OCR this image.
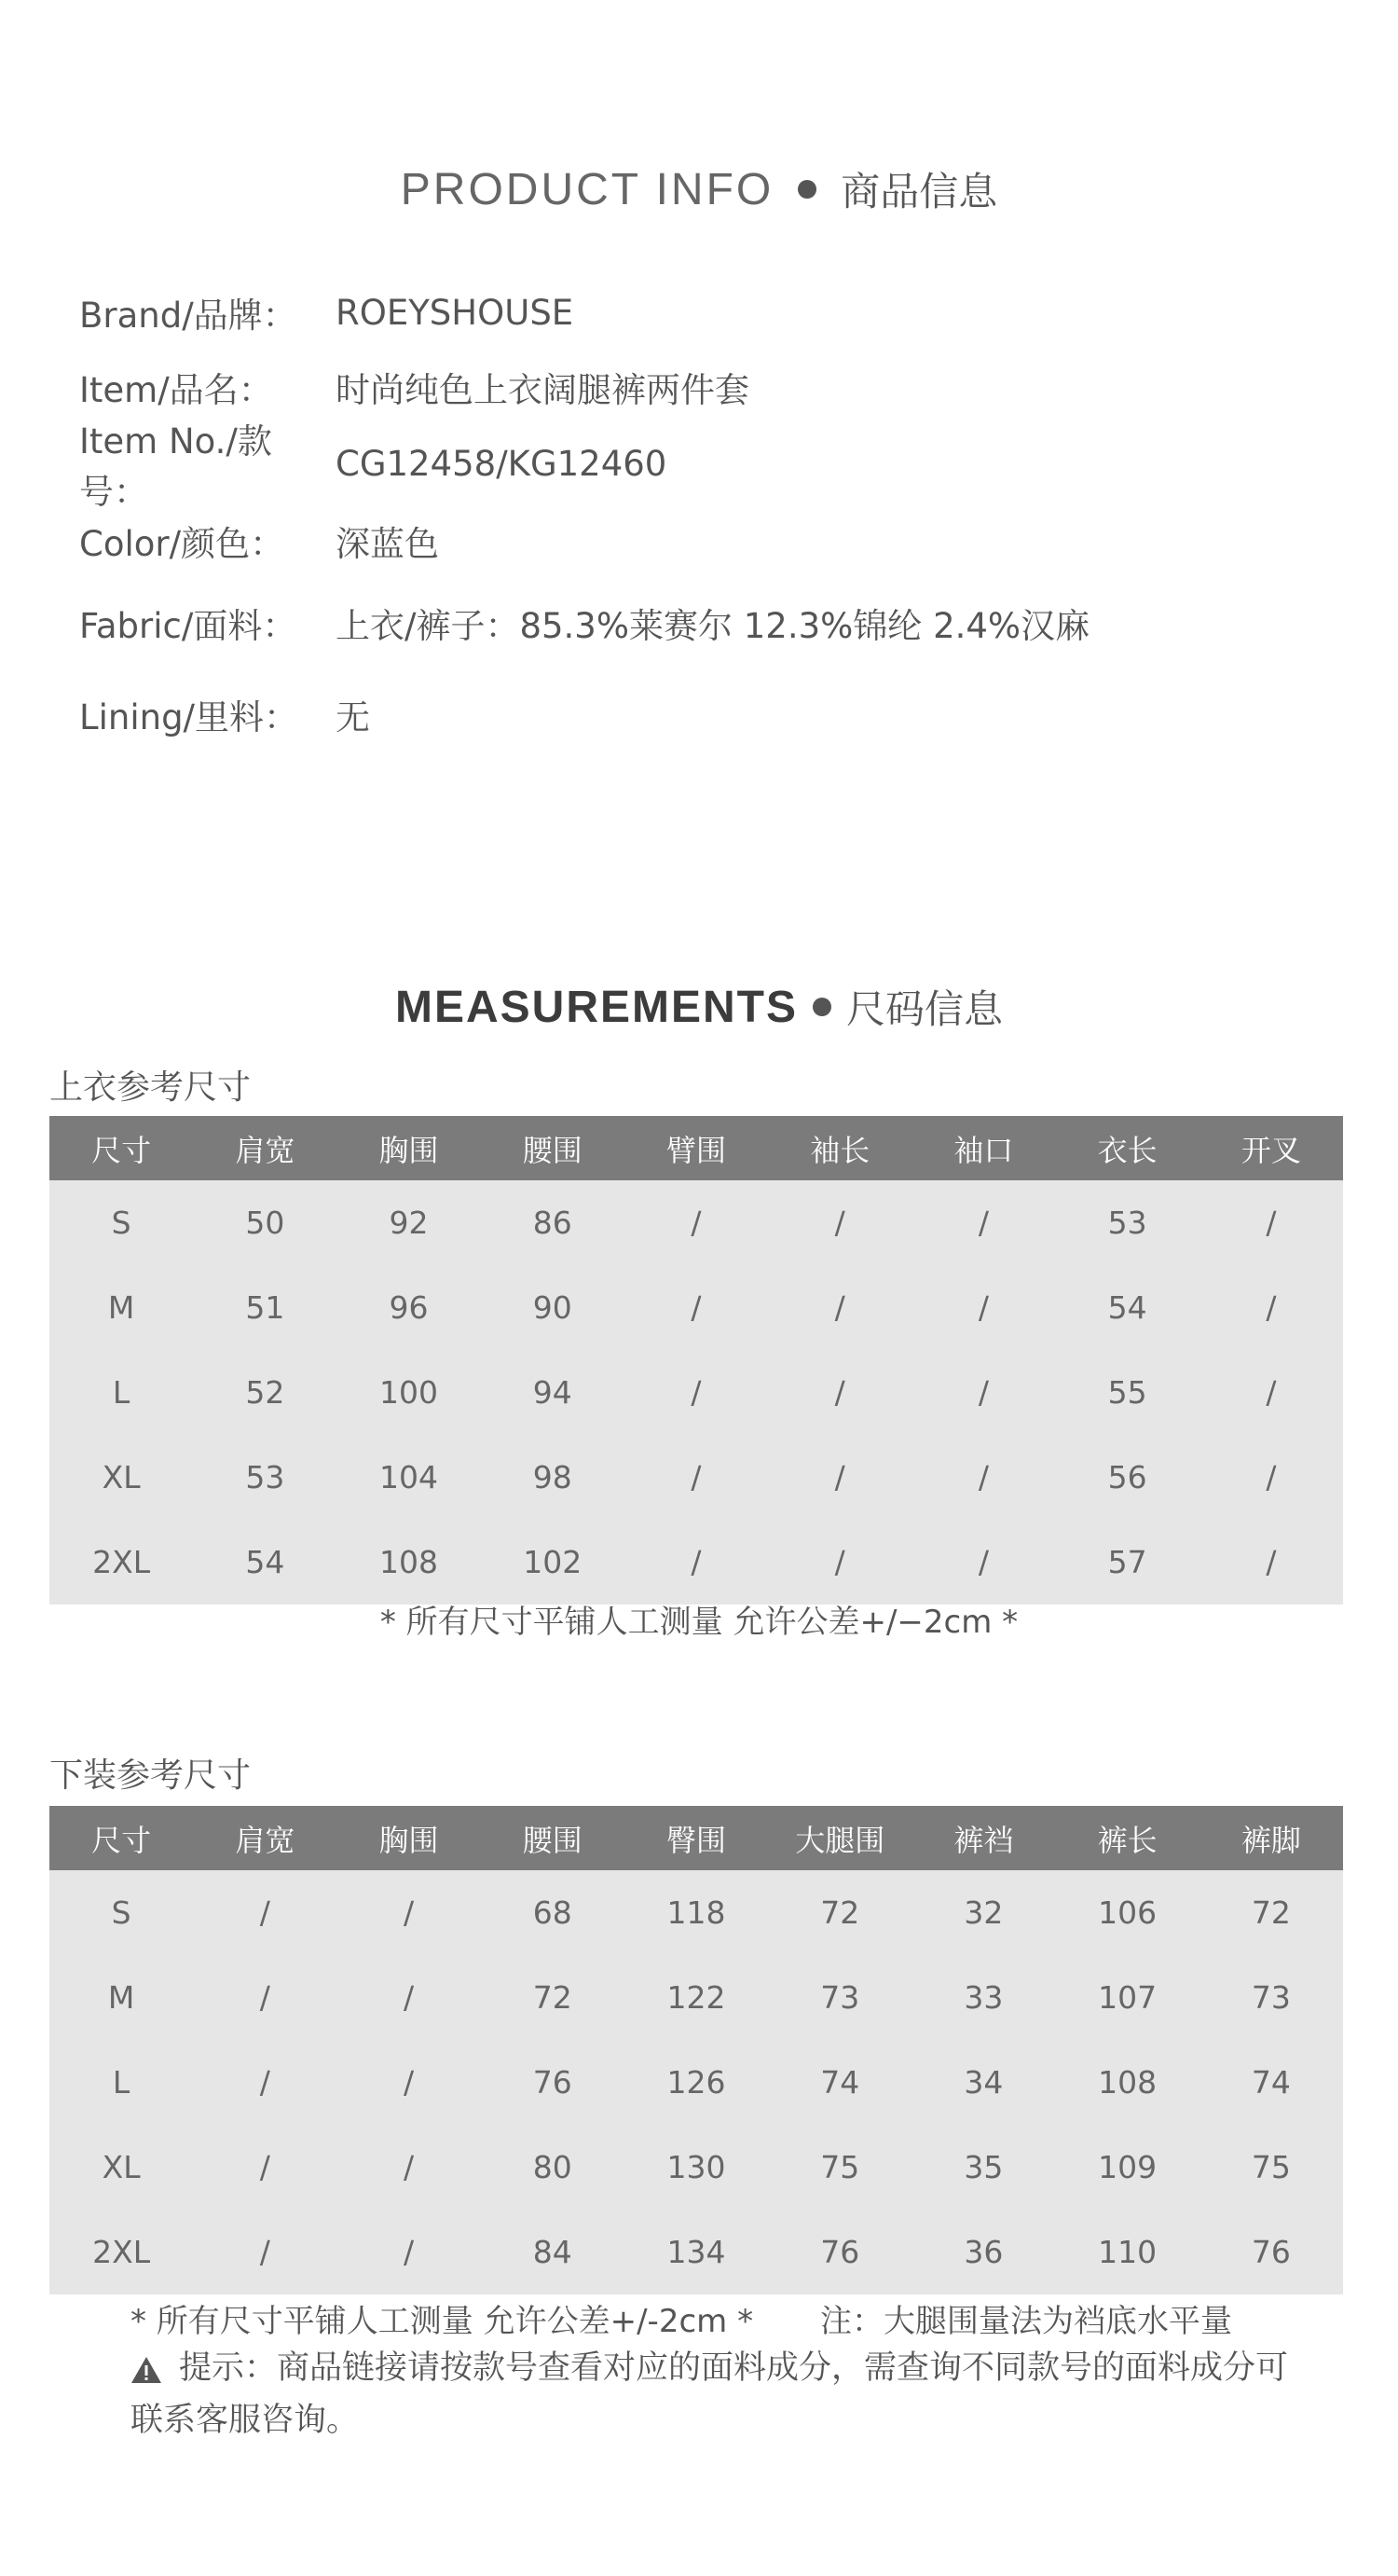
PRODUCT INFO 商品信息
Brand/品牌：	ROEYSHOUSE
Item/品名：	时尚纯色上衣阔腿裤两件套
Item No./款号：
CG12458/KG12460
Color/颜色：	深蓝色
Fabric/面料：	上衣/裤子：85.3%莱赛尔 12.3%锦纶 2.4%汉麻
Lining/里料：	无
MEASUREMENTS 尺码信息
上衣参考尺寸
尺寸	肩宽	胸围	腰围	臂围	袖长	袖口	衣长	开叉
S	50	92	86	/	/	/	53	/
M	51	96	90	/	/	/	54	/
L	52	100	94	/	/	/	55	/
XL	53	104	98	/	/	/	56	/
2XL	54	108	102	/	/	/	57	/
* 所有尺寸平铺人工测量 允许公差+/−2cm *
下装参考尺寸
尺寸	肩宽	胸围	腰围	臀围	大腿围	裤裆	裤长	裤脚
S	/	/	68	118	72	32	106	72
M	/	/	72	122	73	33	107	73
L	/	/	76	126	74	34	108	74
XL	/	/	80	130	75	35	109	75
2XL	/	/	84	134	76	36	110	76
* 所有尺寸平铺人工测量 允许公差+/-2cm * 注：大腿围量法为裆底水平量
提示：商品链接请按款号查看对应的面料成分，需查询不同款号的面料成分可联系客服咨询。
